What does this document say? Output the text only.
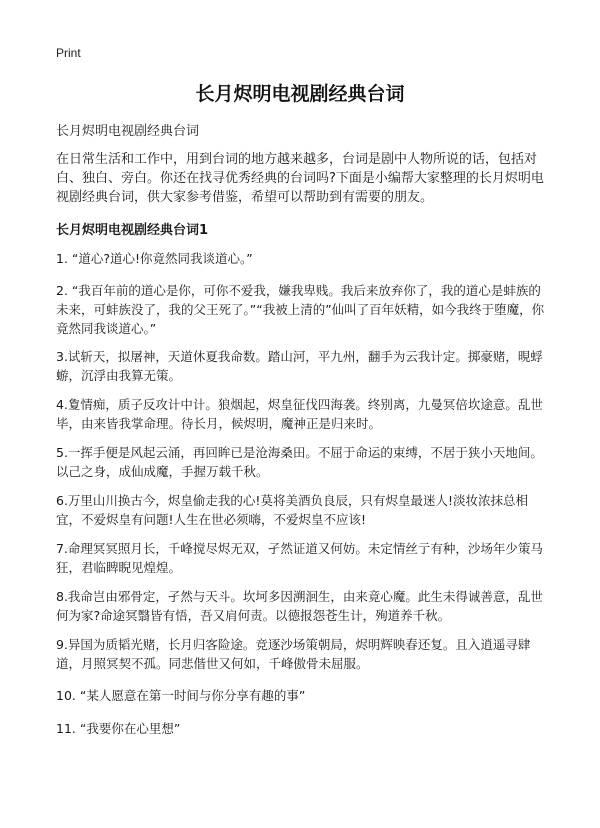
Print
长月烬明电视剧经典台词

长月烬明电视剧经典台词

在日常生活和工作中，用到台词的地方越来越多，台词是剧中人物所说的话，包括对白、独白、旁白。你还在找寻优秀经典的台词吗?下面是小编帮大家整理的长月烬明电视剧经典台词，供大家参考借鉴，希望可以帮助到有需要的朋友。

长月烬明电视剧经典台词1

1. “道心?道心!你竟然同我谈道心。”

2. “我百年前的道心是你，可你不爱我，嫌我卑贱。我后来放弃你了，我的道心是蚌族的未来，可蚌族没了，我的父王死了。”“我被上清的”仙叫了百年妖精，如今我终于堕魔，你竟然同我谈道心。”

3.试斩天，拟屠神，天道休夏我命数。踏山河，平九州，翻手为云我计定。掷豪赌，晛蜉蝣，沉浮由我算无策。

4.夐情痴，质子反攻计中计。狼烟起，烬皇征伐四海袭。终别离，九曼冥倍坎途意。乱世毕，由来皆我掌命理。待长月，候烬明，魔神正是归来时。

5.一挥手便是风起云涌，再回眸已是沧海桑田。不屈于命运的束缚，不居于狭小天地间。以己之身，成仙成魔，手握万载千秋。

6.万里山川换古今，烬皇偷走我的心!莫将美酒负良辰，只有烬皇最迷人!淡妆浓抹总相宜，不爱烬皇有问题!人生在世必须嗨，不爱烬皇不应该!

7.命理冥冥照月长，千峰搅尽烬无双，孑然证道又何妨。未定情丝亍有种，沙场年少策马狂，君临睥睨见煌煌。

8.我命岂由邪骨定，孑然与天斗。坎坷多因溯洄生，由来竟心魔。此生未得诚善意，乱世何为家?命途冥翳皆有悟，吾又肩何责。以德报怨苍生计，殉道养千秋。

9.异国为质韬光赌，长月归客险途。竞逐沙场策朝局，烬明辉映春还复。且入逍遥寻肆道，月照冥契不孤。同悲偕世又何如，千峰傲骨未屈服。

10. “某人愿意在第一时间与你分享有趣的事”

11. “我要你在心里想”
